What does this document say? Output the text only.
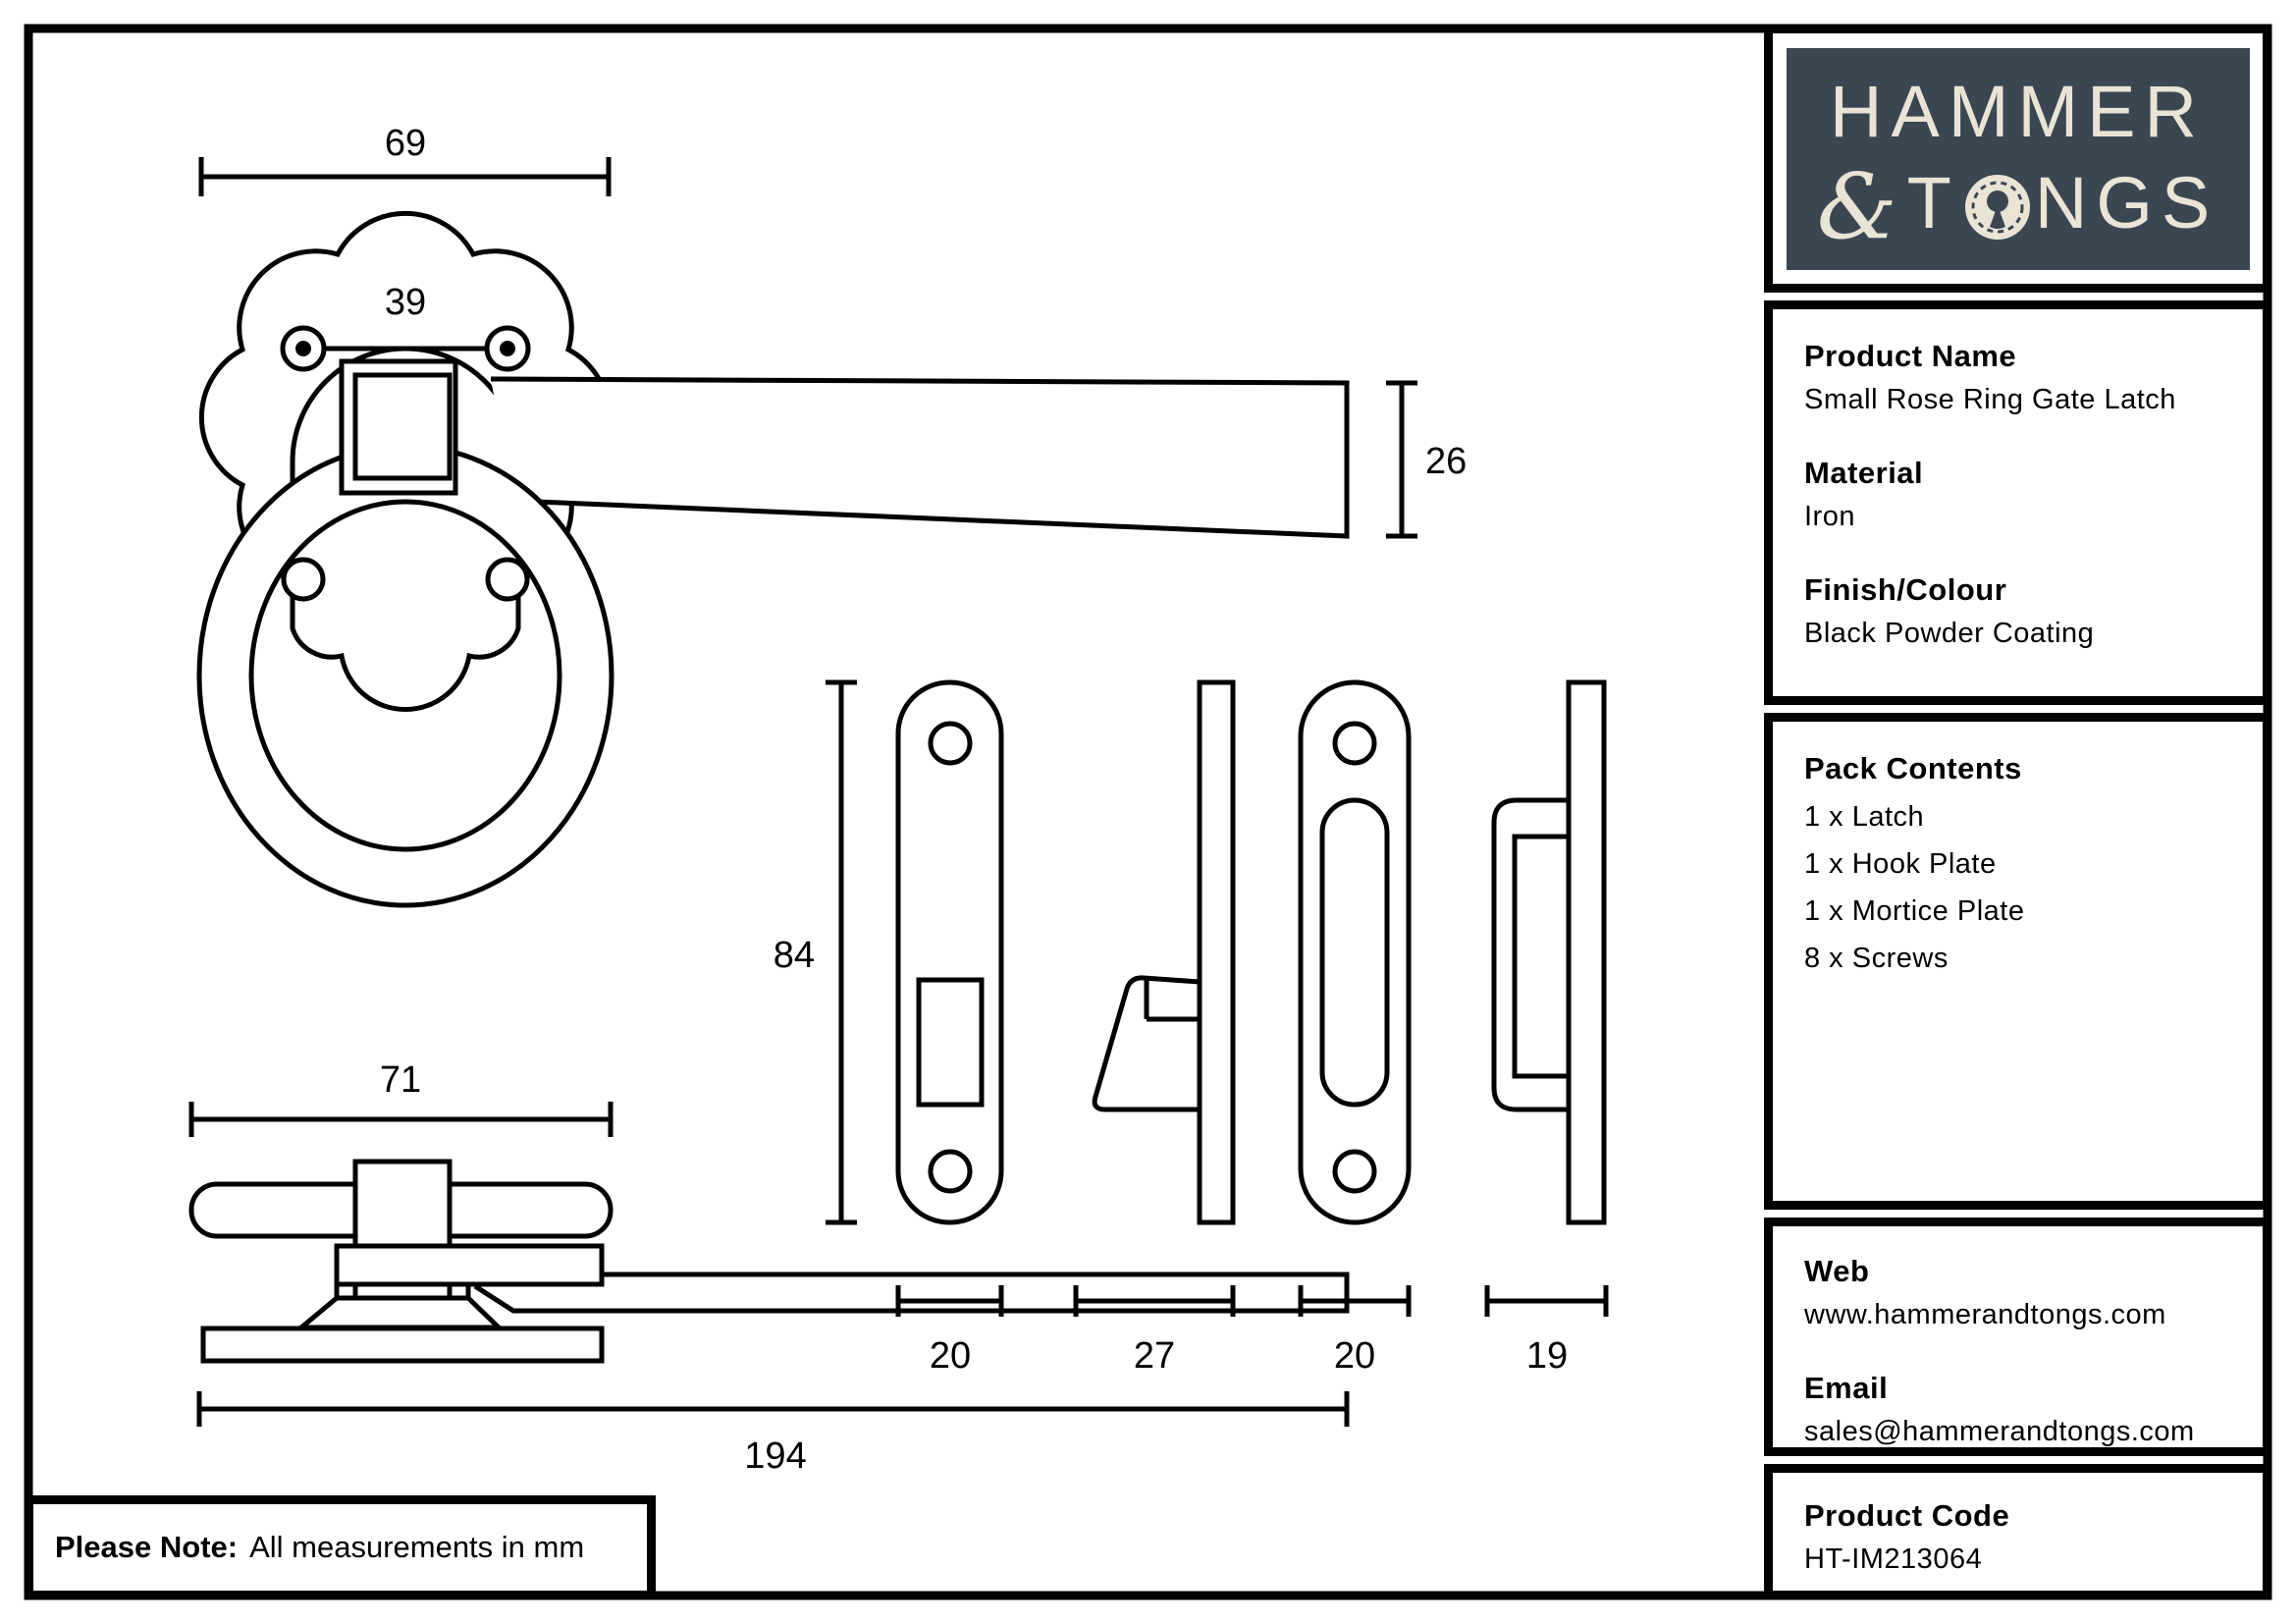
69
39
26
84
20	27	20	19
71
194
HAMMER
& T NGS
Product Name
Small Rose Ring Gate Latch
Material
Iron
Finish/Colour
Black Powder Coating
Pack Contents
1 x Latch
1 x Hook Plate
1 x Mortice Plate
8 x Screws
Web
www.hammerandtongs.com
Email
sales@hammerandtongs.com
Product Code
HT-IM213064
Please Note: All measurements in mm
